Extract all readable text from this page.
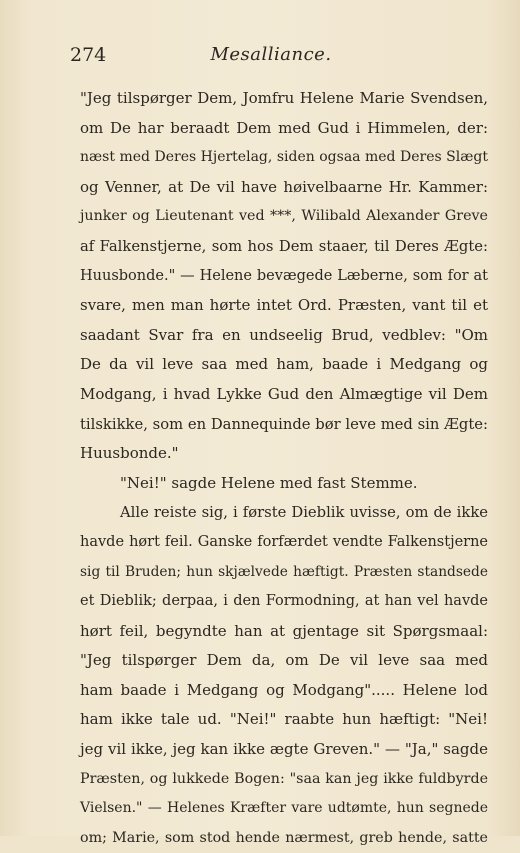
274	Mesalliance.
"Jeg tilspørger Dem, Jomfru Helene Marie Svendsen,
om De har beraadt Dem med Gud i Himmelen, der:
næst med Deres Hjertelag, siden ogsaa med Deres Slægt
og Venner, at De vil have høivelbaarne Hr. Kammer:
junker og Lieutenant ved ***, Wilibald Alexander Greve
af Falkenstjerne, som hos Dem staaer, til Deres Ægte:
Huusbonde." — Helene bevægede Læberne, som for at
svare, men man hørte intet Ord. Præsten, vant til et
saadant Svar fra en undseelig Brud, vedblev: "Om
De da vil leve saa med ham, baade i Medgang og
Modgang, i hvad Lykke Gud den Almægtige vil Dem
tilskikke, som en Dannequinde bør leve med sin Ægte:
Huusbonde."
"Nei!" sagde Helene med fast Stemme.
Alle reiste sig, i første Dieblik uvisse, om de ikke
havde hørt feil. Ganske forfærdet vendte Falkenstjerne
sig til Bruden; hun skjælvede hæftigt. Præsten standsede
et Dieblik; derpaa, i den Formodning, at han vel havde
hørt feil, begyndte han at gjentage sit Spørgsmaal:
"Jeg tilspørger Dem da, om De vil leve saa med
ham baade i Medgang og Modgang"..... Helene lod
ham ikke tale ud. "Nei!" raabte hun hæftigt: "Nei!
jeg vil ikke, jeg kan ikke ægte Greven." — "Ja," sagde
Præsten, og lukkede Bogen: "saa kan jeg ikke fuldbyrde
Vielsen." — Helenes Kræfter vare udtømte, hun segnede
om; Marie, som stod hende nærmest, greb hende, satte
